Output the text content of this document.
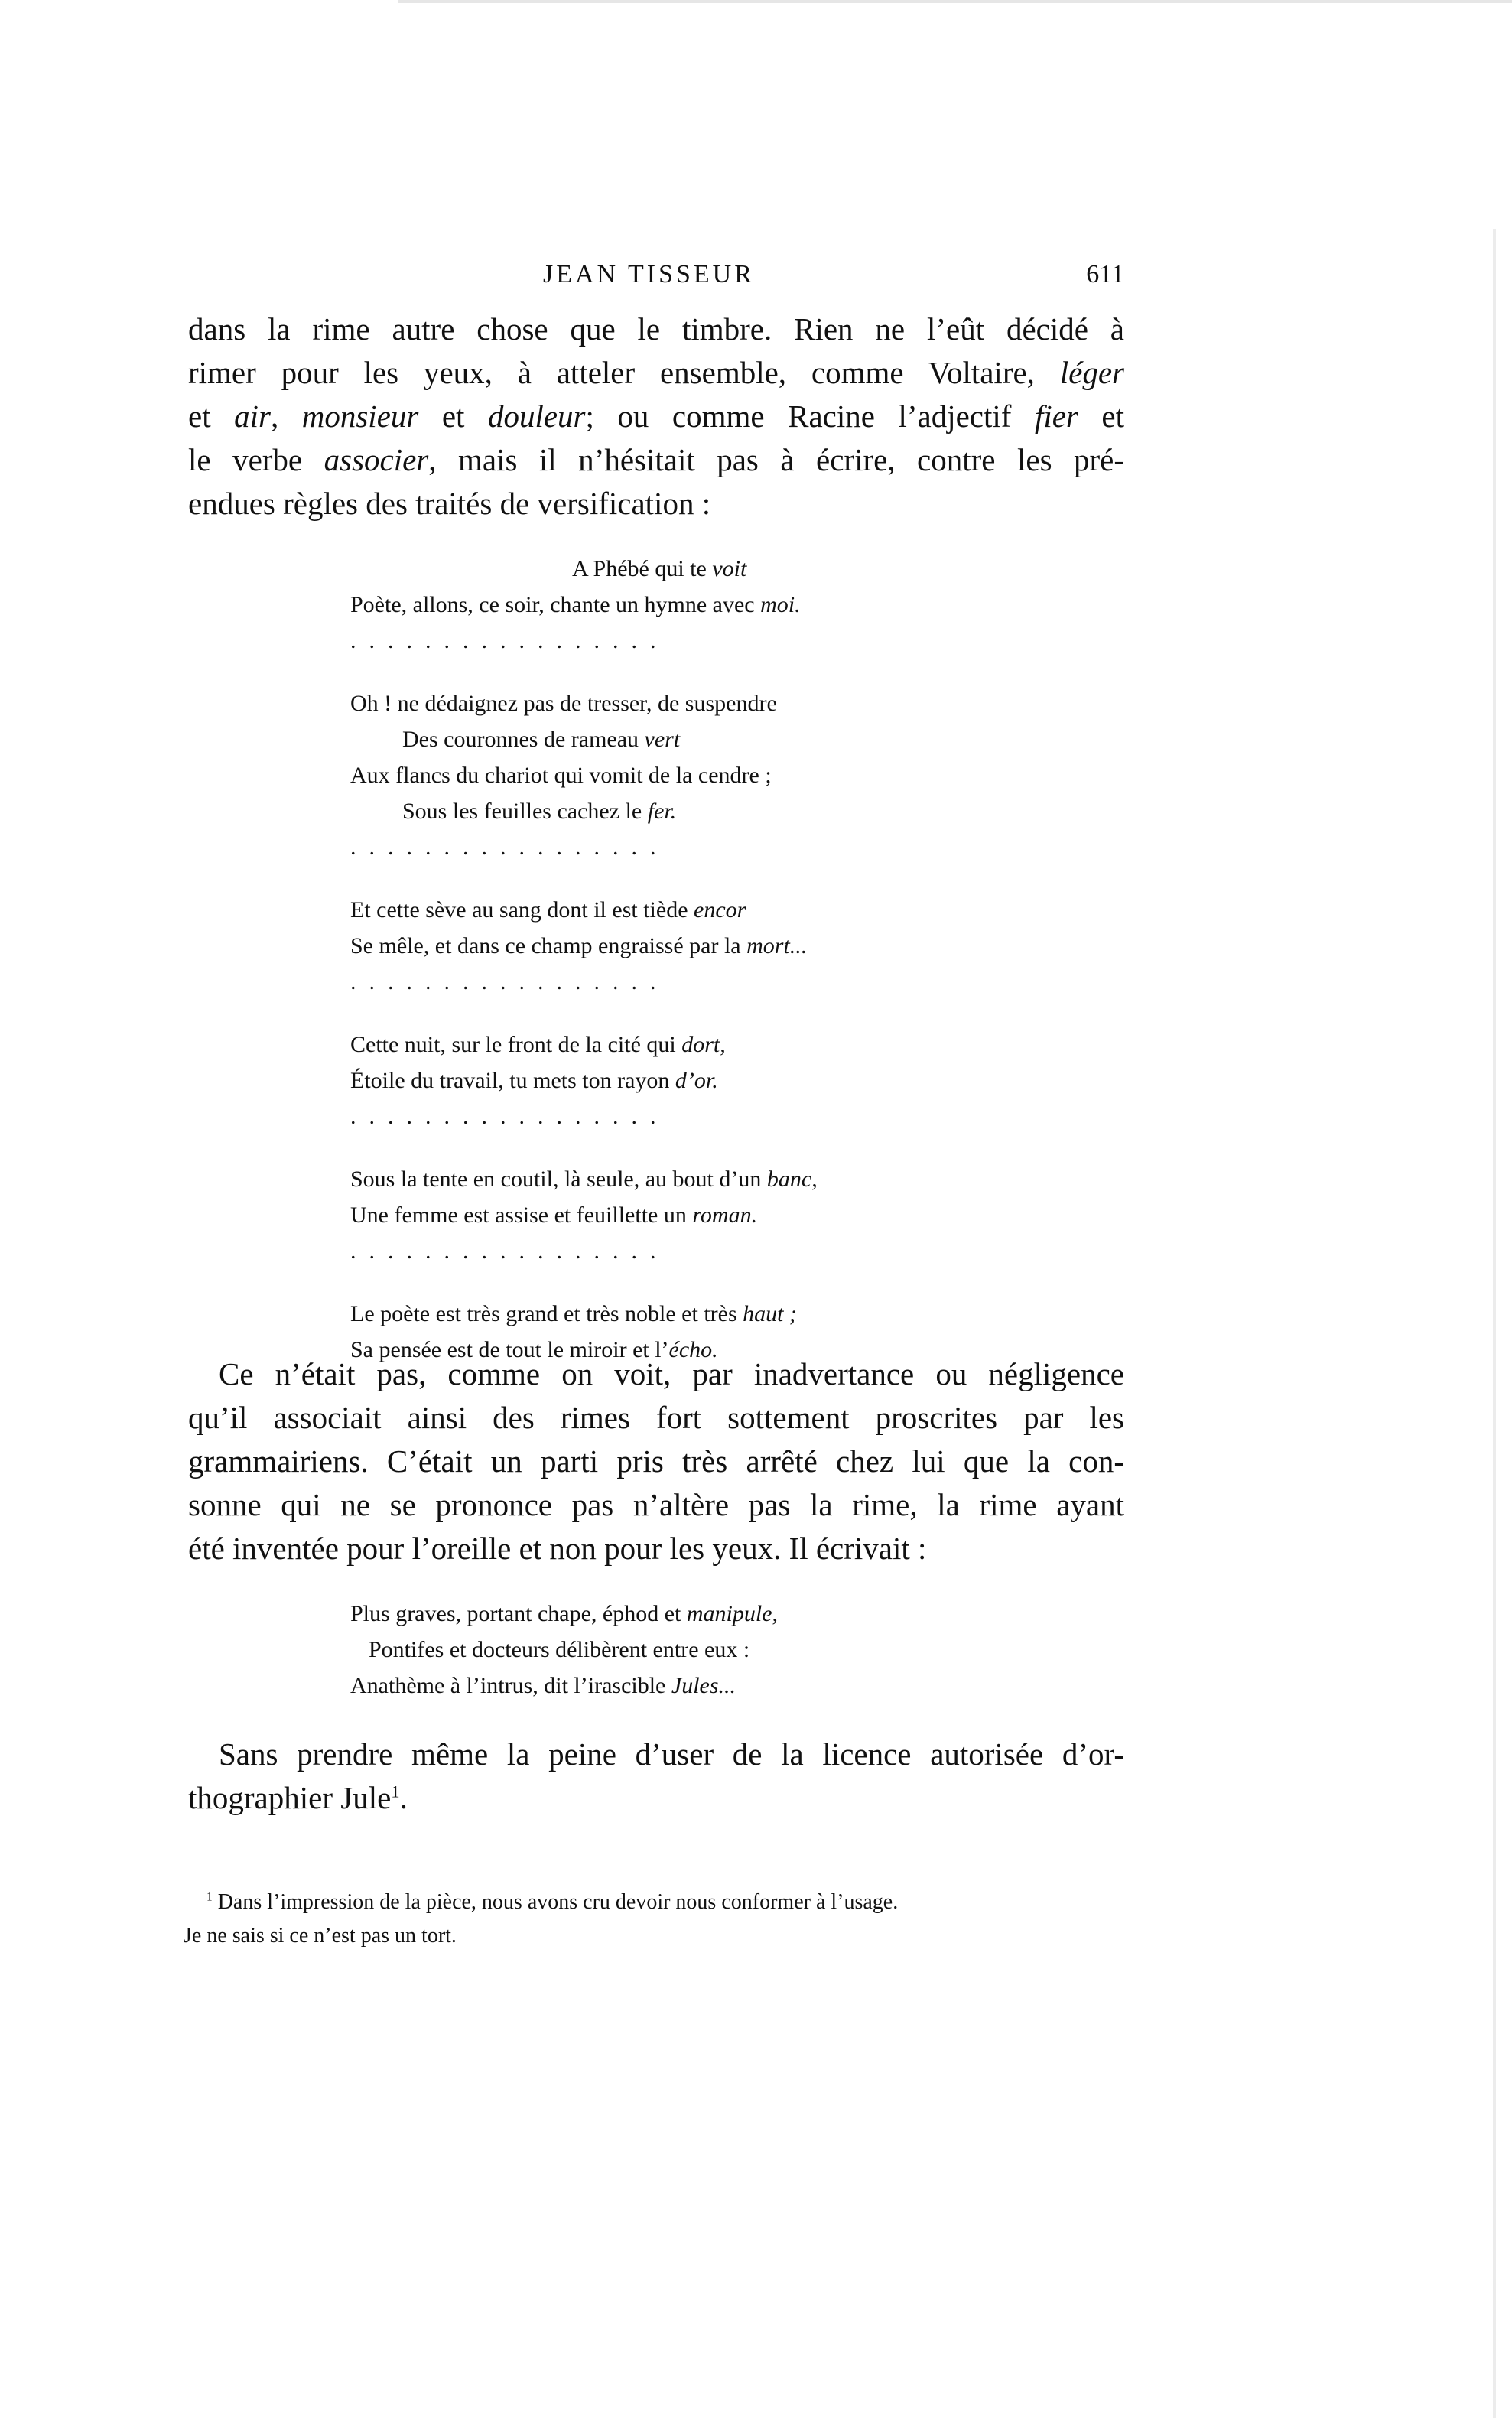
JEAN TISSEUR	611
dans la rime autre chose que le timbre. Rien ne l’eût décidé à
rimer pour les yeux, à atteler ensemble, comme Voltaire, léger
et air, monsieur et douleur; ou comme Racine l’adjectif fier et
le verbe associer, mais il n’hésitait pas à écrire, contre les pré-
endues règles des traités de versification :
A Phébé qui te voit
Poète, allons, ce soir, chante un hymne avec moi.
.................
Oh ! ne dédaignez pas de tresser, de suspendre
Des couronnes de rameau vert
Aux flancs du chariot qui vomit de la cendre ;
Sous les feuilles cachez le fer.
.................
Et cette sève au sang dont il est tiède encor
Se mêle, et dans ce champ engraissé par la mort...
.................
Cette nuit, sur le front de la cité qui dort,
Étoile du travail, tu mets ton rayon d’or.
.................
Sous la tente en coutil, là seule, au bout d’un banc,
Une femme est assise et feuillette un roman.
.................
Le poète est très grand et très noble et très haut ;
Sa pensée est de tout le miroir et l’écho.
Ce n’était pas, comme on voit, par inadvertance ou négligence
qu’il associait ainsi des rimes fort sottement proscrites par les
grammairiens. C’était un parti pris très arrêté chez lui que la con-
sonne qui ne se prononce pas n’altère pas la rime, la rime ayant
été inventée pour l’oreille et non pour les yeux. Il écrivait :
Plus graves, portant chape, éphod et manipule,
Pontifes et docteurs délibèrent entre eux :
Anathème à l’intrus, dit l’irascible Jules...
Sans prendre même la peine d’user de la licence autorisée d’or-
thographier Jule$^1$.
$^1$ Dans l’impression de la pièce, nous avons cru devoir nous conformer à l’usage.
Je ne sais si ce n’est pas un tort.
